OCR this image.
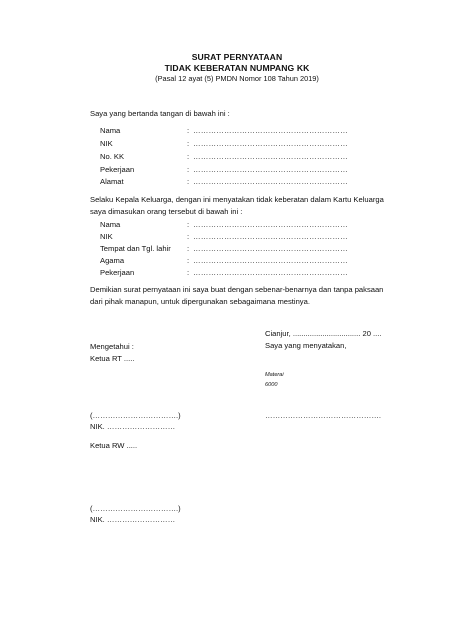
SURAT PERNYATAAN
TIDAK KEBERATAN NUMPANG KK
(Pasal 12 ayat (5) PMDN Nomor 108 Tahun 2019)
Saya yang bertanda tangan di bawah ini :
Nama	: ……………………………………………………
NIK	: ……………………………………………………
No. KK	: ……………………………………………………
Pekerjaan	: ……………………………………………………
Alamat	: ……………………………………………………
Selaku Kepala Keluarga, dengan ini menyatakan tidak keberatan dalam Kartu Keluarga saya dimasukan orang tersebut di bawah ini :
Nama	: ……………………………………………………
NIK	: ……………………………………………………
Tempat dan Tgl. lahir : ……………………………………………………
Agama	: ……………………………………………………
Pekerjaan	: ……………………………………………………
Demikian surat pernyataan ini saya buat dengan sebenar-benarnya dan tanpa paksaan dari pihak manapun, untuk dipergunakan sebagaimana mestinya.
Cianjur, ................................ 20 ....
Saya yang menyatakan,
Mengetahui :
Ketua RT .....
Materai
6000
(…………………………….)	……………………………………….
NIK. ………………………
Ketua RW .....
(…………………………….)
NIK. ………………………
